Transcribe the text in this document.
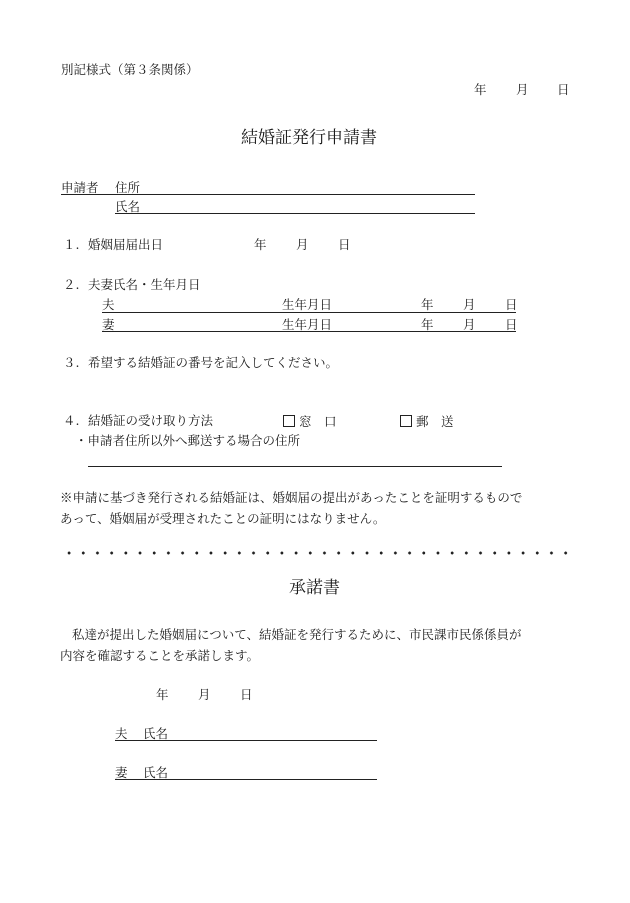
別記様式（第３条関係）
年 月 日
結婚証発行申請書
申請者 住所
氏名
１. 婚姻届届出日	年 月 日
２. 夫妻氏名・生年月日
夫	生年月日	年 月 日
妻	生年月日	年 月 日
３. 希望する結婚証の番号を記入してください。
４. 結婚証の受け取り方法	窓　口	郵　送
・申請者住所以外へ郵送する場合の住所
※申請に基づき発行される結婚証は、婚姻届の提出があったことを証明するもので
あって、婚姻届が受理されたことの証明にはなりません。
承諾書
私達が提出した婚姻届について、結婚証を発行するために、市民課市民係係員が
内容を確認することを承諾します。
年 月 日
夫 氏名
妻 氏名
